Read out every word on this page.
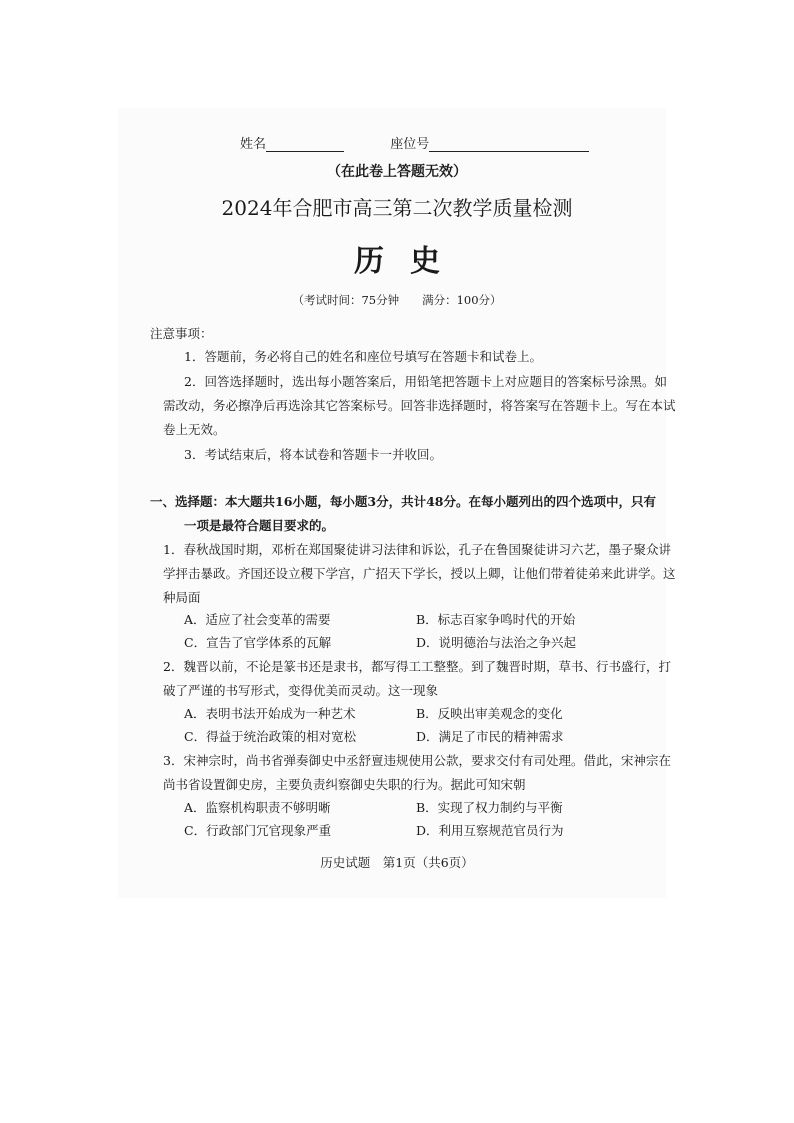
姓名	座位号
（在此卷上答题无效）
2024年合肥市高三第二次教学质量检测
历史
（考试时间：75分钟　　满分：100分）
注意事项：
1．答题前，务必将自己的姓名和座位号填写在答题卡和试卷上。
2．回答选择题时，选出每小题答案后，用铅笔把答题卡上对应题目的答案标号涂黑。如
需改动，务必擦净后再选涂其它答案标号。回答非选择题时，将答案写在答题卡上。写在本试
卷上无效。
3．考试结束后，将本试卷和答题卡一并收回。
一、选择题：本大题共16小题，每小题3分，共计48分。在每小题列出的四个选项中，只有
一项是最符合题目要求的。
1．春秋战国时期，邓析在郑国聚徒讲习法律和诉讼，孔子在鲁国聚徒讲习六艺，墨子聚众讲
学抨击暴政。齐国还设立稷下学宫，广招天下学长，授以上卿，让他们带着徒弟来此讲学。这
种局面
A．适应了社会变革的需要	B．标志百家争鸣时代的开始
C．宣告了官学体系的瓦解	D．说明德治与法治之争兴起
2．魏晋以前，不论是篆书还是隶书，都写得工工整整。到了魏晋时期，草书、行书盛行，打
破了严谨的书写形式，变得优美而灵动。这一现象
A．表明书法开始成为一种艺术	B．反映出审美观念的变化
C．得益于统治政策的相对宽松	D．满足了市民的精神需求
3．宋神宗时，尚书省弹奏御史中丞舒亶违规使用公款，要求交付有司处理。借此，宋神宗在
尚书省设置御史房，主要负责纠察御史失职的行为。据此可知宋朝
A．监察机构职责不够明晰	B．实现了权力制约与平衡
C．行政部门冗官现象严重	D．利用互察规范官员行为
历史试题　第1页（共6页）
